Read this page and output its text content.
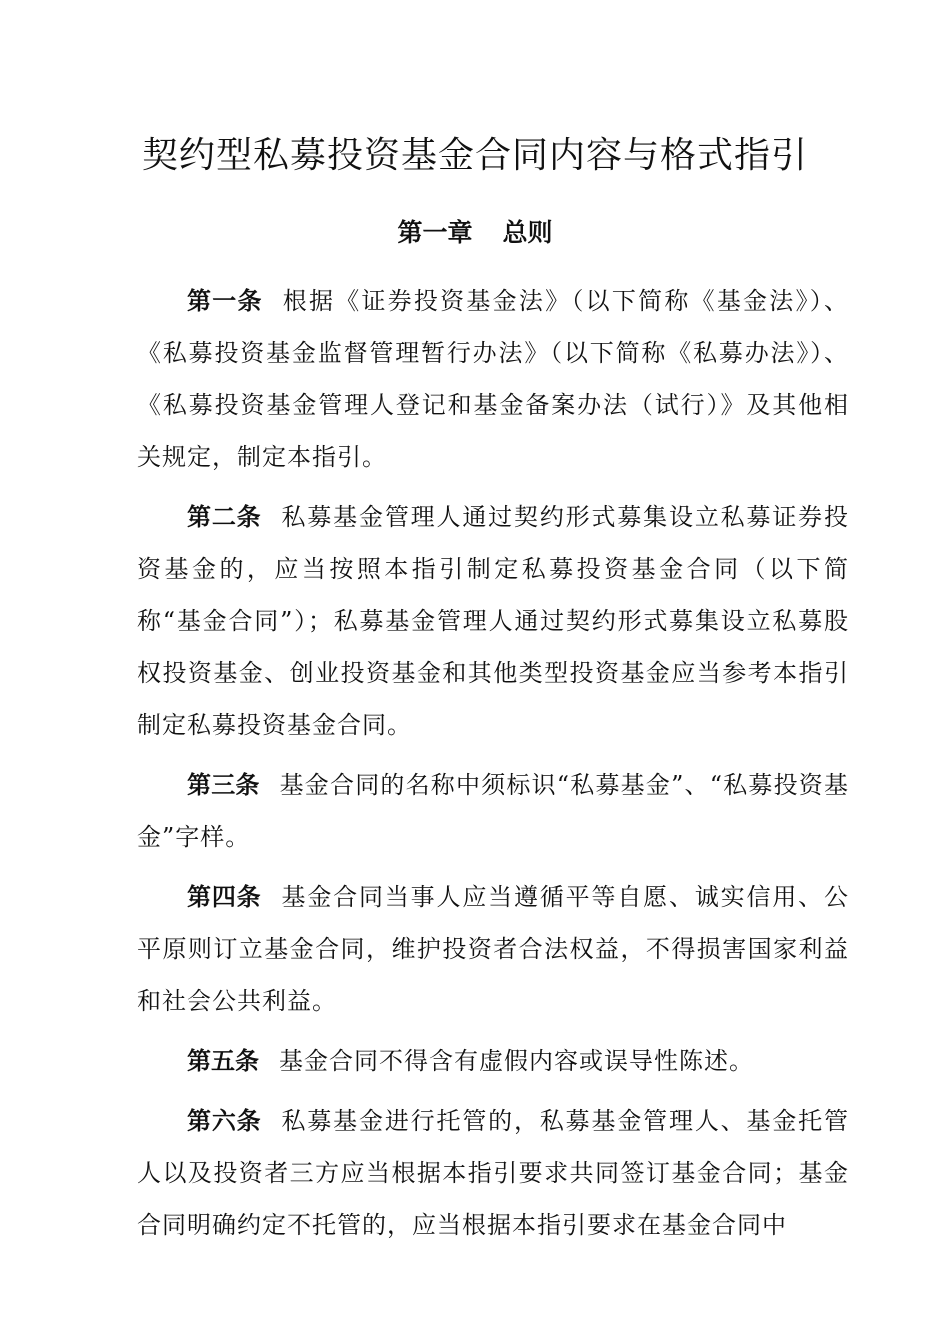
契约型私募投资基金合同内容与格式指引
第一章 总则

第一条 根据《证券投资基金法》（以下简称《基金法》）、《私募投资基金监督管理暂行办法》（以下简称《私募办法》）、《私募投资基金管理人登记和基金备案办法（试行）》及其他相关规定，制定本指引。

第二条 私募基金管理人通过契约形式募集设立私募证券投资基金的，应当按照本指引制定私募投资基金合同（以下简称“基金合同”）；私募基金管理人通过契约形式募集设立私募股权投资基金、创业投资基金和其他类型投资基金应当参考本指引制定私募投资基金合同。

第三条 基金合同的名称中须标识“私募基金”、“私募投资基金”字样。

第四条 基金合同当事人应当遵循平等自愿、诚实信用、公平原则订立基金合同，维护投资者合法权益，不得损害国家利益和社会公共利益。

第五条 基金合同不得含有虚假内容或误导性陈述。

第六条 私募基金进行托管的，私募基金管理人、基金托管人以及投资者三方应当根据本指引要求共同签订基金合同；基金合同明确约定不托管的，应当根据本指引要求在基金合同中
